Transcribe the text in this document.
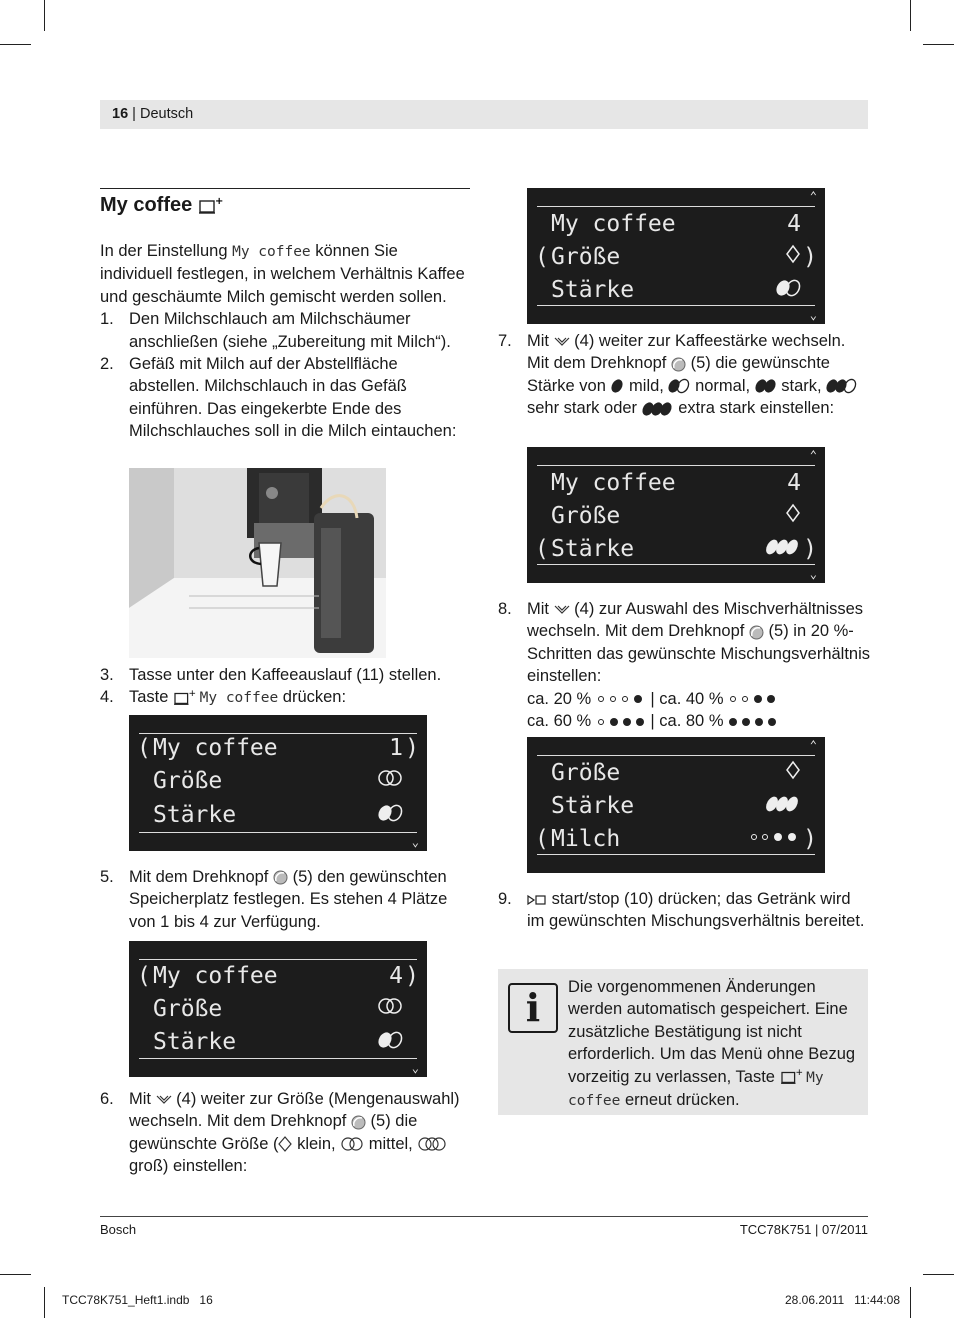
16 | Deutsch
My coffee +
In der Einstellung My coffee können Sie individuell festlegen, in welchem Verhältnis Kaffee und geschäumte Milch gemischt werden sollen.
1. Den Milchschlauch am Milchschäumer anschließen (siehe „Zubereitung mit Milch“).
2. Gefäß mit Milch auf der Abstellfläche abstellen. Milchschlauch in das Gefäß einführen. Das eingekerbte Ende des Milchschlauches soll in die Milch eintauchen:
3. Tasse unter den Kaffeeauslauf (11) stellen.
4. Taste + My coffee drücken:
( My coffee	1 )
Größe
Stärke
⌄
5. Mit dem Drehknopf  (5) den gewünschten Speicherplatz festlegen. Es stehen 4 Plätze von 1 bis 4 zur Verfügung.
( My coffee	4 )
Größe
Stärke
⌄
6. Mit  (4) weiter zur Größe (Mengenauswahl) wechseln. Mit dem Drehknopf  (5) die gewünschte Größe ( klein,  mittel,  groß) einstellen:
⌃
My coffee	4
( Größe	)
Stärke
⌄
7. Mit  (4) weiter zur Kaffeestärke wechseln. Mit dem Drehknopf  (5) die gewünschte Stärke von  mild,  normal,  stark,  sehr stark oder  extra stark einstellen:
⌃
My coffee	4
Größe
( Stärke	)
⌄
8. Mit  (4) zur Auswahl des Mischverhältnisses wechseln. Mit dem Drehknopf  (5) in 20 %-Schritten das gewünschte Mischungsverhältnis einstellen:
ca. 20 %	| ca. 40 %
ca. 60 %	| ca. 80 %
⌃
Größe
Stärke
( Milch	)
9. start/stop (10) drücken; das Getränk wird im gewünschten Mischungsverhältnis bereitet.
i	Die vorgenommenen Änderungen werden automatisch gespeichert. Eine zusätzliche Bestätigung ist nicht erforderlich. Um das Menü ohne Bezug vorzeitig zu verlassen, Taste + My coffee erneut drücken.
Bosch	TCC78K751 | 07/2011
TCC78K751_Heft1.indb   16	28.06.2011   11:44:08
